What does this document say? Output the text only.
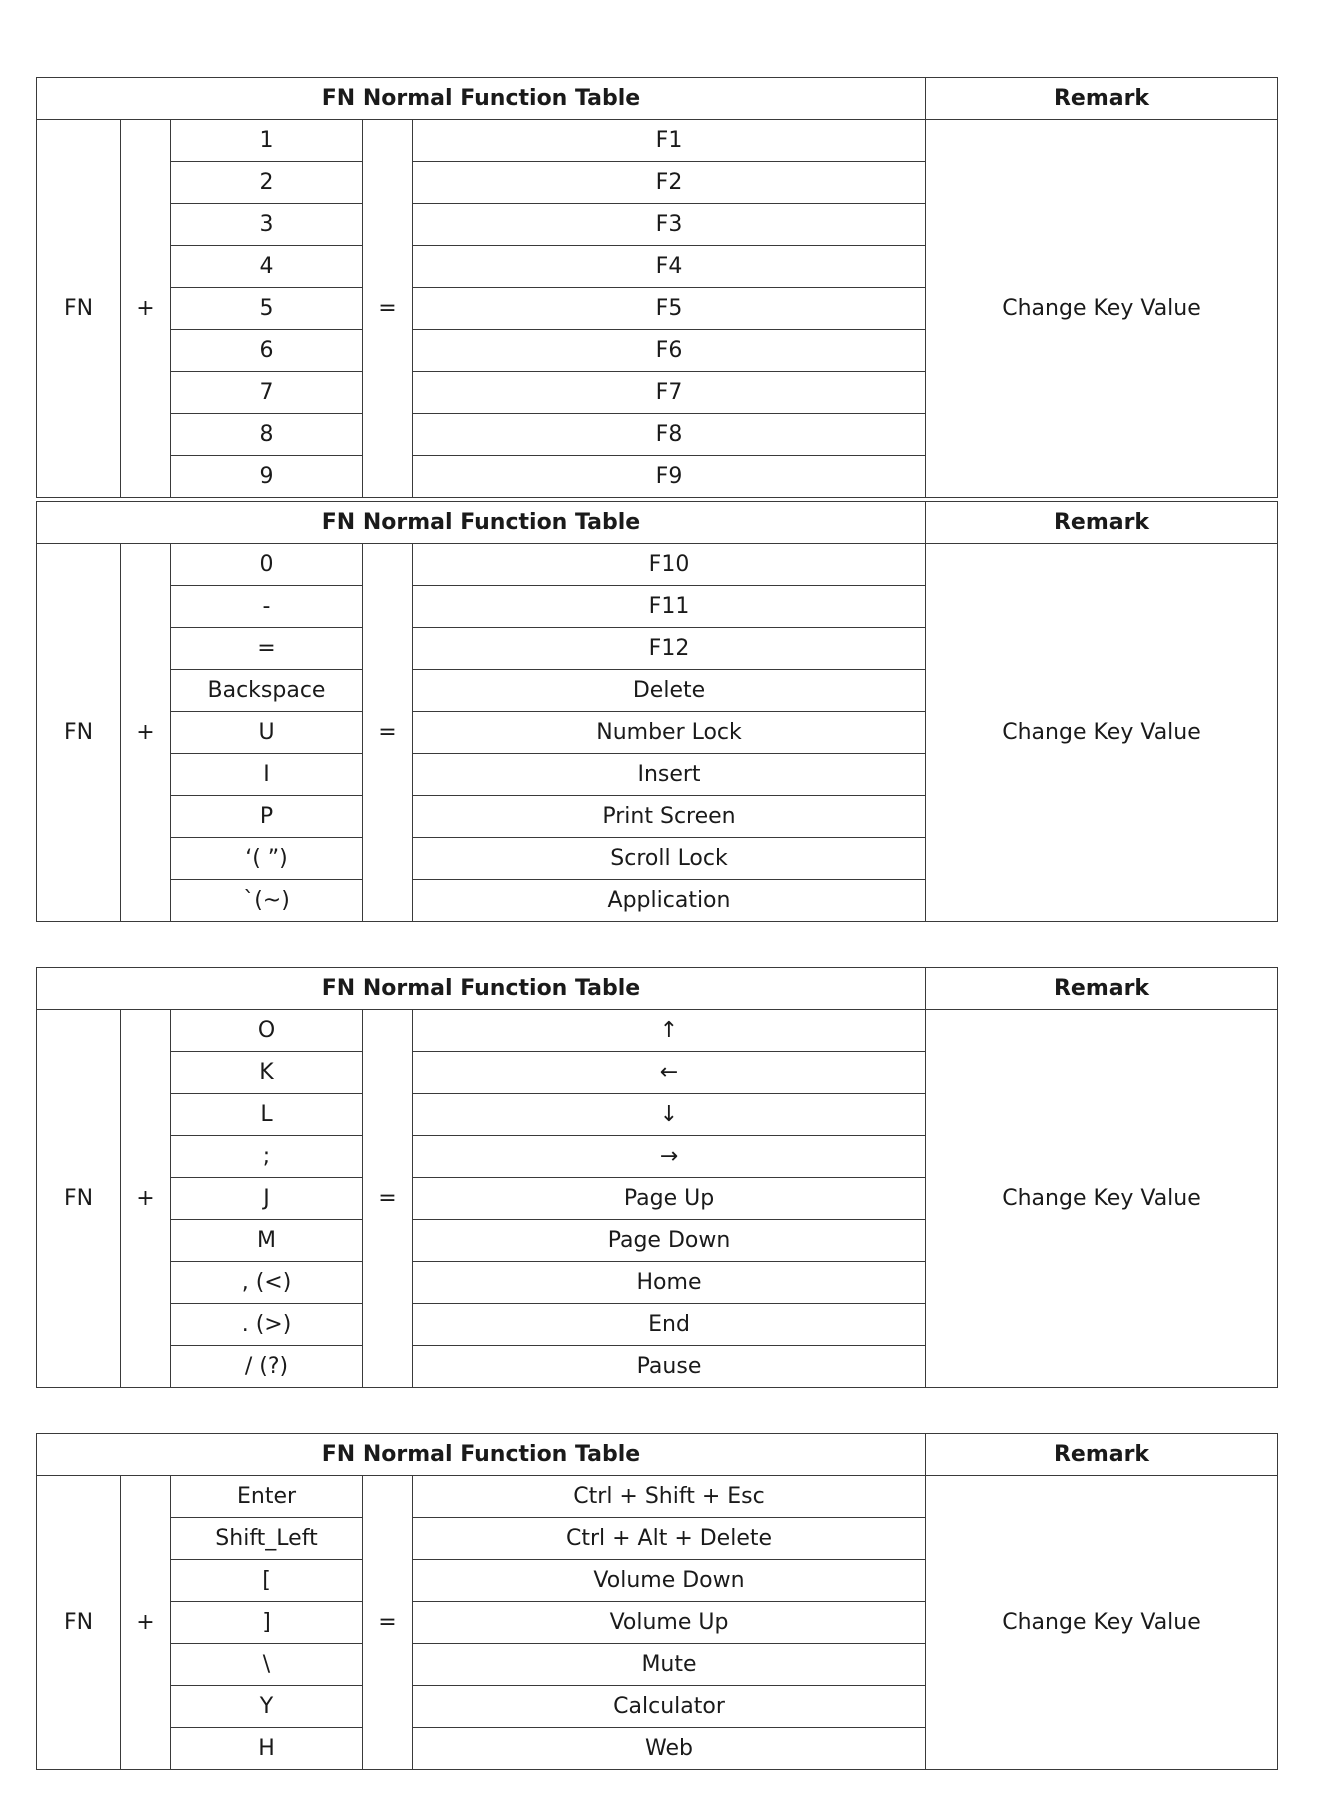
FN Normal Function Table					Remark
FN	+	1	=	F1	Change Key Value
		2		F2	
		3		F3	
		4		F4	
		5		F5	
		6		F6	
		7		F7	
		8		F8	
		9		F9	
FN Normal Function Table					Remark
FN	+	0	=	F10	Change Key Value
		-		F11	
		=		F12	
		Backspace		Delete	
		U		Number Lock	
		I		Insert	
		P		Print Screen	
		‘( ”)		Scroll Lock	
		`(~)		Application	
FN Normal Function Table					Remark
FN	+	O	=	↑	Change Key Value
		K		←	
		L		↓	
		;		→	
		J		Page Up	
		M		Page Down	
		, (<)		Home	
		. (>)		End	
		/ (?)		Pause	
FN Normal Function Table					Remark
FN	+	Enter	=	Ctrl + Shift + Esc	Change Key Value
		Shift_Left		Ctrl + Alt + Delete	
		[		Volume Down	
		]		Volume Up	
		\		Mute	
		Y		Calculator	
		H		Web	
